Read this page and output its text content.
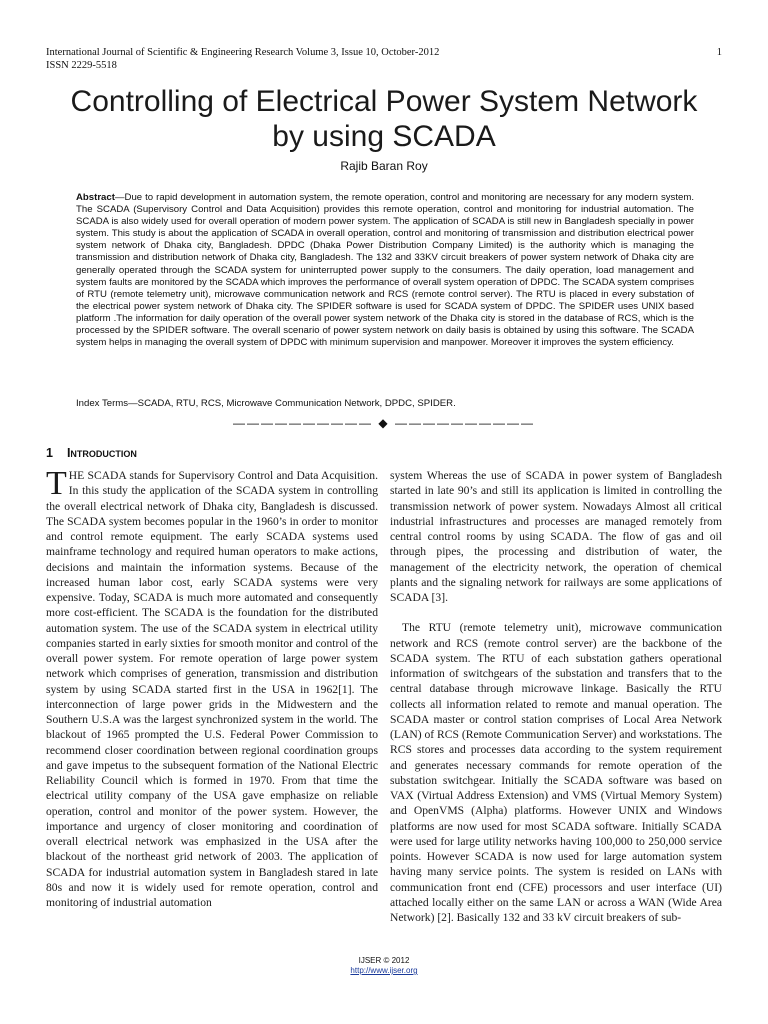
International Journal of Scientific & Engineering Research Volume 3, Issue 10, October-2012
ISSN 2229-5518
1
Controlling of Electrical Power System Network
by using SCADA
Rajib Baran Roy
Abstract—Due to rapid development in automation system, the remote operation, control and monitoring are necessary for any modern system. The SCADA (Supervisory Control and Data Acquisition) provides this remote operation, control and monitoring for industrial automation. The SCADA is also widely used for overall operation of modern power system. The application of SCADA is still new in Bangladesh specially in power system. This study is about the application of SCADA in overall operation, control and monitoring of transmission and distribution electrical power system network of Dhaka city, Bangladesh. DPDC (Dhaka Power Distribution Company Limited) is the authority which is managing the transmission and distribution network of Dhaka city, Bangladesh. The 132 and 33KV circuit breakers of power system network of Dhaka city are generally operated through the SCADA system for uninterrupted power supply to the consumers. The daily operation, load management and system faults are monitored by the SCADA which improves the performance of overall system operation of DPDC. The SCADA system comprises of RTU (remote telemetry unit), microwave communication network and RCS (remote control server). The RTU is placed in every substation of the electrical power system network of Dhaka city. The SPIDER software is used for SCADA system of DPDC. The SPIDER uses UNIX based platform .The information for daily operation of the overall power system network of the Dhaka city is stored in the database of RCS, which is the processed by the SPIDER software. The overall scenario of power system network on daily basis is obtained by using this software. The SCADA system helps in managing the overall system of DPDC with minimum supervision and manpower. Moreover it improves the system efficiency.
Index Terms—SCADA, RTU, RCS, Microwave Communication Network, DPDC, SPIDER.
—————————— ◆ ——————————
1 Introduction

THE SCADA stands for Supervisory Control and Data Acquisition. In this study the application of the SCADA system in controlling the overall electrical network of Dhaka city, Bangladesh is discussed. The SCADA system becomes popular in the 1960’s in order to monitor and control remote equipment. The early SCADA systems used mainframe technology and required human operators to make actions, decisions and maintain the information systems. Because of the increased human labor cost, early SCADA systems were very expensive. Today, SCADA is much more automated and consequently more cost-efficient. The SCADA is the foundation for the distributed automation system. The use of the SCADA system in electrical utility companies started in early sixties for smooth monitor and control of the overall power system. For remote operation of large power system network which comprises of generation, transmission and distribution system by using SCADA started first in the USA in 1962[1]. The interconnection of large power grids in the Midwestern and the Southern U.S.A was the largest synchronized system in the world. The blackout of 1965 prompted the U.S. Federal Power Commission to recommend closer coordination between regional coordination groups and gave impetus to the subsequent formation of the National Electric Reliability Council which is formed in 1970. From that time the electrical utility company of the USA gave emphasize on reliable operation, control and monitor of the power system. However, the importance and urgency of closer monitoring and coordination of overall electrical network was emphasized in the USA after the blackout of the northeast grid network of 2003. The application of SCADA for industrial automation system in Bangladesh stared in late 80s and now it is widely used for remote operation, control and monitoring of industrial automation

system Whereas the use of SCADA in power system of Bangladesh started in late 90’s and still its application is limited in controlling the transmission network of power system. Nowadays Almost all critical industrial infrastructures and processes are managed remotely from central control rooms by using SCADA. The flow of gas and oil through pipes, the processing and distribution of water, the management of the electricity network, the operation of chemical plants and the signaling network for railways are some applications of SCADA [3].

The RTU (remote telemetry unit), microwave communication network and RCS (remote control server) are the backbone of the SCADA system. The RTU of each substation gathers operational information of switchgears of the substation and transfers that to the central database through microwave linkage. Basically the RTU collects all information related to remote and manual operation. The SCADA master or control station comprises of Local Area Network (LAN) of RCS (Remote Communication Server) and workstations. The RCS stores and processes data according to the system requirement and generates necessary commands for remote operation of the substation switchgear. Initially the SCADA software was based on VAX (Virtual Address Extension) and VMS (Virtual Memory System) and OpenVMS (Alpha) platforms. However UNIX and Windows platforms are now used for most SCADA software. Initially SCADA were used for large utility networks having 100,000 to 250,000 service points. However SCADA is now used for large automation system having many service points. The system is resided on LANs with communication front end (CFE) processors and user interface (UI) attached locally either on the same LAN or across a WAN (Wide Area Network) [2]. Basically 132 and 33 kV circuit breakers of sub-

IJSER © 2012
http://www.ijser.org
